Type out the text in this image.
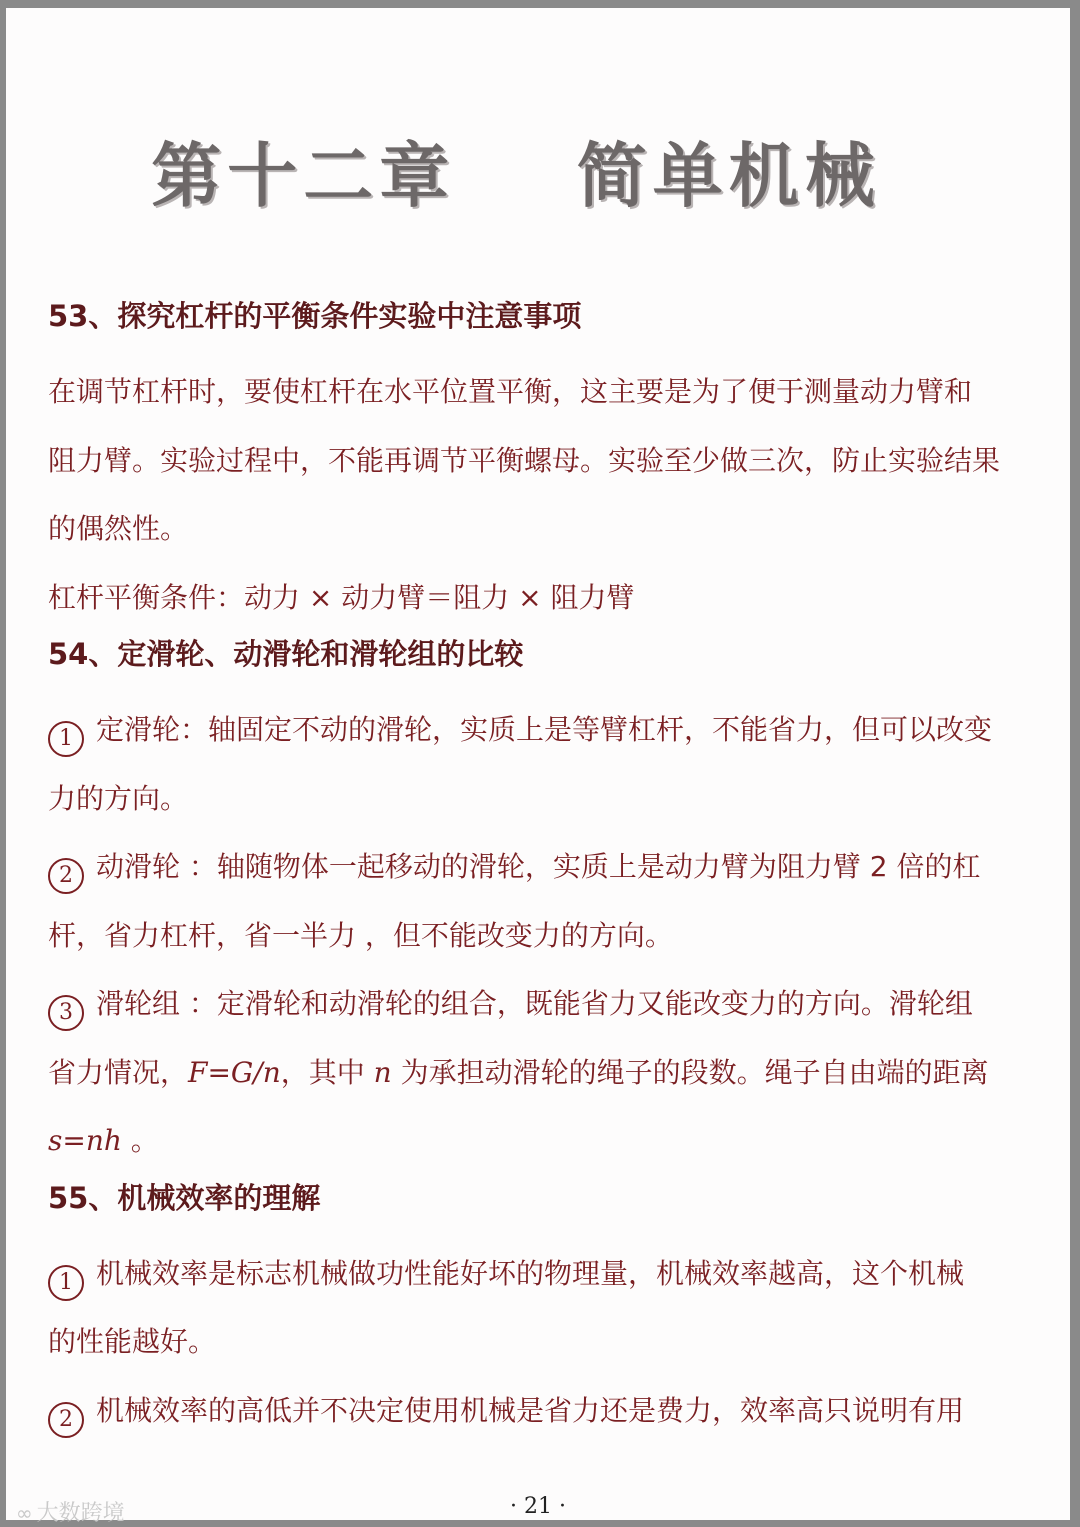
第十二章    简单机械
53、探究杠杆的平衡条件实验中注意事项
在调节杠杆时，要使杠杆在水平位置平衡，这主要是为了便于测量动力臂和
阻力臂。实验过程中，不能再调节平衡螺母。实验至少做三次，防止实验结果
的偶然性。
杠杆平衡条件：动力 × 动力臂＝阻力 × 阻力臂
54、定滑轮、动滑轮和滑轮组的比较
1 定滑轮：轴固定不动的滑轮，实质上是等臂杠杆，不能省力，但可以改变
力的方向。
2 动滑轮 ：轴随物体一起移动的滑轮，实质上是动力臂为阻力臂 2 倍的杠
杆，省力杠杆，省一半力 ，但不能改变力的方向。
3 滑轮组 ：定滑轮和动滑轮的组合，既能省力又能改变力的方向。滑轮组
省力情况，F=G/n，其中 n 为承担动滑轮的绳子的段数。绳子自由端的距离
s=nh 。
55、机械效率的理解
1 机械效率是标志机械做功性能好坏的物理量，机械效率越高，这个机械
的性能越好。
2 机械效率的高低并不决定使用机械是省力还是费力，效率高只说明有用
· 21 ·
∞ 大数跨境
